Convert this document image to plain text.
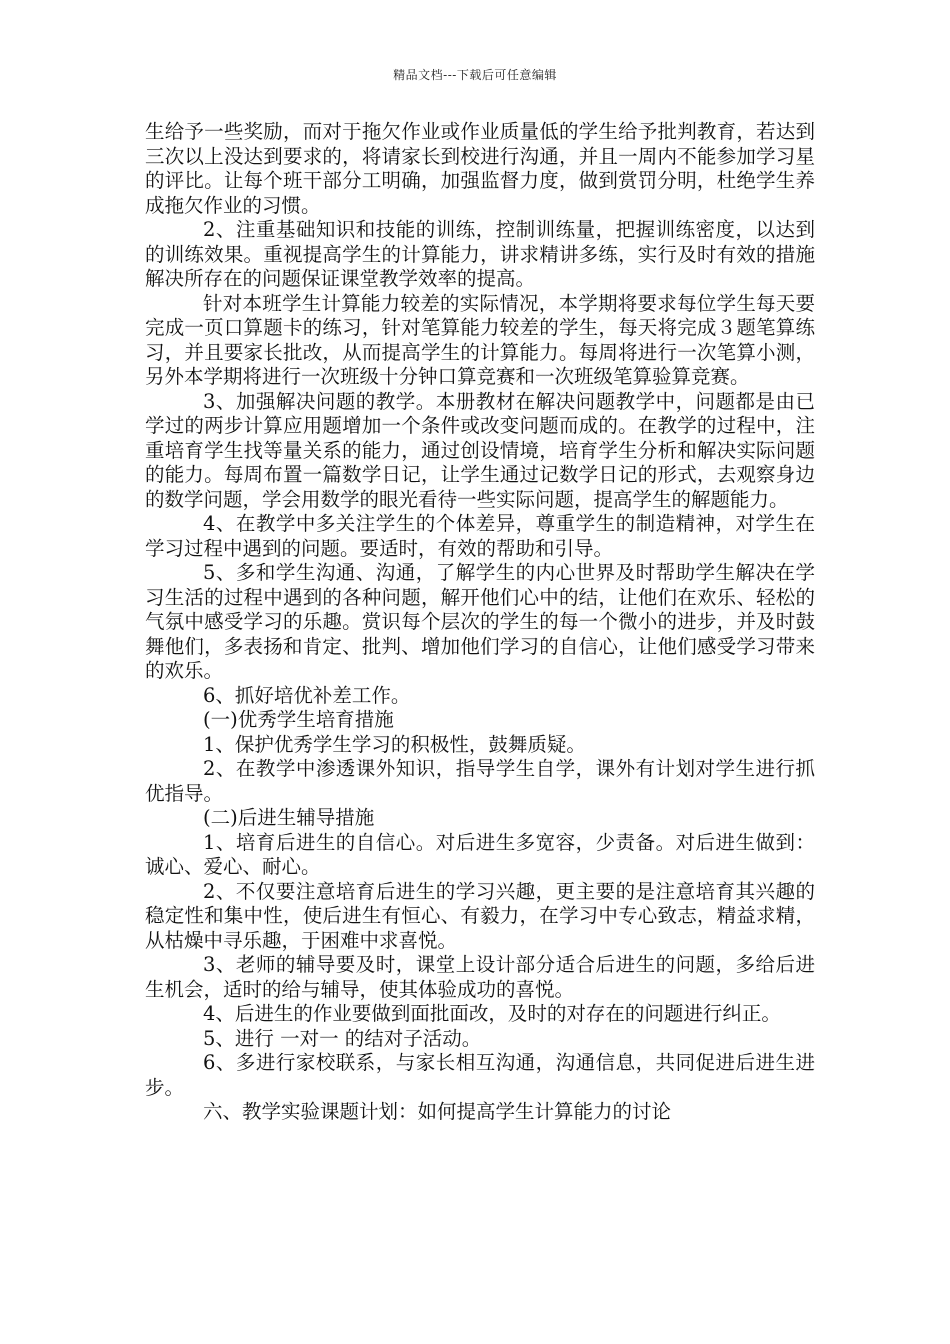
精品文档---下载后可任意编辑

生给予一些奖励，而对于拖欠作业或作业质量低的学生给予批判教育，若达到三次以上没达到要求的，将请家长到校进行沟通，并且一周内不能参加学习星的评比。让每个班干部分工明确，加强监督力度，做到赏罚分明，杜绝学生养成拖欠作业的习惯。

2、注重基础知识和技能的训练，控制训练量，把握训练密度，以达到的训练效果。重视提高学生的计算能力，讲求精讲多练，实行及时有效的措施解决所存在的问题保证课堂教学效率的提高。

针对本班学生计算能力较差的实际情况，本学期将要求每位学生每天要完成一页口算题卡的练习，针对笔算能力较差的学生，每天将完成３题笔算练习，并且要家长批改，从而提高学生的计算能力。每周将进行一次笔算小测，另外本学期将进行一次班级十分钟口算竞赛和一次班级笔算验算竞赛。

3、加强解决问题的教学。本册教材在解决问题教学中，问题都是由已学过的两步计算应用题增加一个条件或改变问题而成的。在教学的过程中，注重培育学生找等量关系的能力，通过创设情境，培育学生分析和解决实际问题的能力。每周布置一篇数学日记，让学生通过记数学日记的形式，去观察身边的数学问题，学会用数学的眼光看待一些实际问题，提高学生的解题能力。

4、在教学中多关注学生的个体差异，尊重学生的制造精神，对学生在学习过程中遇到的问题。要适时，有效的帮助和引导。

5、多和学生沟通、沟通，了解学生的内心世界及时帮助学生解决在学习生活的过程中遇到的各种问题，解开他们心中的结，让他们在欢乐、轻松的气氛中感受学习的乐趣。赏识每个层次的学生的每一个微小的进步，并及时鼓舞他们，多表扬和肯定、批判、增加他们学习的自信心，让他们感受学习带来的欢乐。

6、抓好培优补差工作。

(一)优秀学生培育措施

1、保护优秀学生学习的积极性，鼓舞质疑。

2、在教学中渗透课外知识，指导学生自学，课外有计划对学生进行抓优指导。

(二)后进生辅导措施

1、培育后进生的自信心。对后进生多宽容，少责备。对后进生做到：诚心、爱心、耐心。

2、不仅要注意培育后进生的学习兴趣，更主要的是注意培育其兴趣的稳定性和集中性，使后进生有恒心、有毅力，在学习中专心致志，精益求精，从枯燥中寻乐趣，于困难中求喜悦。

3、老师的辅导要及时，课堂上设计部分适合后进生的问题，多给后进生机会，适时的给与辅导，使其体验成功的喜悦。

4、后进生的作业要做到面批面改，及时的对存在的问题进行纠正。

5、进行 一对一 的结对子活动。

6、多进行家校联系，与家长相互沟通，沟通信息，共同促进后进生进步。

六、教学实验课题计划：如何提高学生计算能力的讨论
